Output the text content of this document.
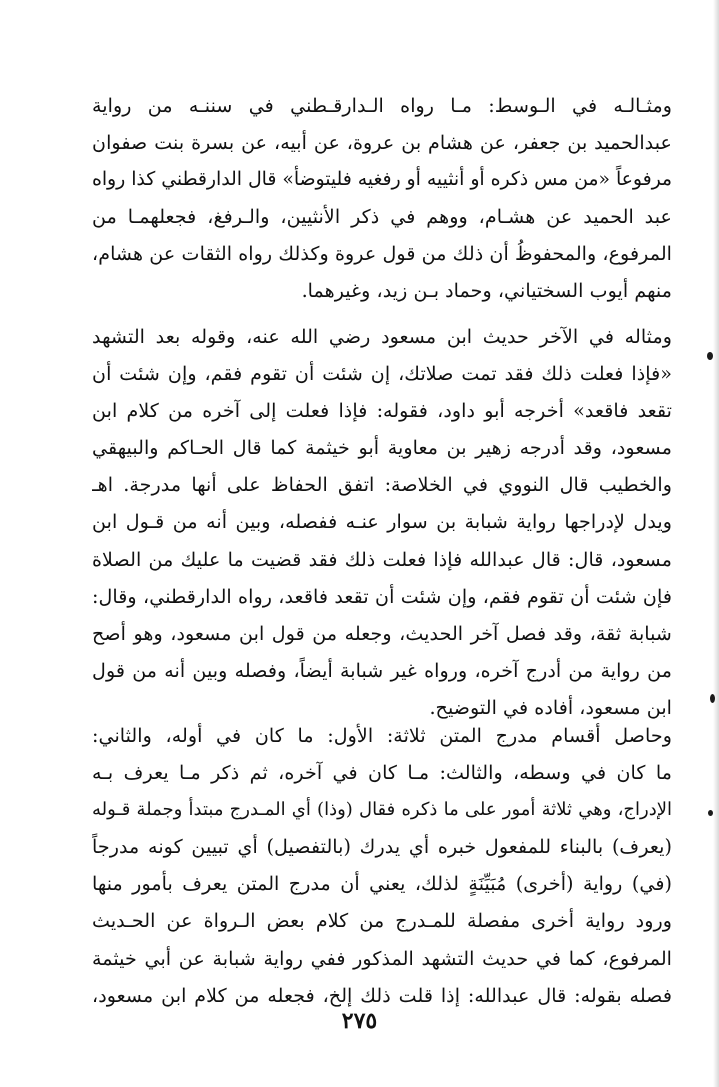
ومثـالـه في الـوسط: مـا رواه الـدارقـطني في سننـه من رواية
عبدالحميد بن جعفر، عن هشام بن عروة، عن أبيه، عن بسرة بنت صفوان
مرفوعاً «من مس ذكره أو أنثييه أو رفغيه فليتوضأ» قال الدارقطني كذا رواه
عبد الحميد عن هشـام، ووهم في ذكر الأنثيين، والـرفغ، فجعلهمـا من
المرفوع، والمحفوظُ أن ذلك من قول عروة وكذلك رواه الثقات عن هشام،
منهم أيوب السختياني، وحماد بـن زيد، وغيرهما.
ومثاله في الآخر حديث ابن مسعود رضي الله عنه، وقوله بعد التشهد
«فإذا فعلت ذلك فقد تمت صلاتك، إن شئت أن تقوم فقم، وإن شئت أن
تقعد فاقعد» أخرجه أبو داود، فقوله: فإذا فعلت إلى آخره من كلام ابن
مسعود، وقد أدرجه زهير بن معاوية أبو خيثمة كما قال الحـاكم والبيهقي
والخطيب قال النووي في الخلاصة: اتفق الحفاظ على أنها مدرجة. اهـ
ويدل لإدراجها رواية شبابة بن سوار عنـه ففصله، وبين أنه من قـول ابن
مسعود، قال: قال عبدالله فإذا فعلت ذلك فقد قضيت ما عليك من الصلاة
فإن شئت أن تقوم فقم، وإن شئت أن تقعد فاقعد، رواه الدارقطني، وقال:
شبابة ثقة، وقد فصل آخر الحديث، وجعله من قول ابن مسعود، وهو أصح
من رواية من أدرج آخره، ورواه غير شبابة أيضاً، وفصله وبين أنه من قول
ابن مسعود، أفاده في التوضيح.
وحاصل أقسام مدرج المتن ثلاثة: الأول: ما كان في أوله، والثاني:
ما كان في وسطه، والثالث: مـا كان في آخره، ثم ذكر مـا يعرف بـه
الإدراج، وهي ثلاثة أمور على ما ذكره فقال (وذا) أي المـدرج مبتدأ وجملة قـوله
(يعرف) بالبناء للمفعول خبره أي يدرك (بالتفصيل) أي تبيين كونه مدرجاً
(في) رواية (أخرى) مُبَيِّنَةٍ لذلك، يعني أن مدرج المتن يعرف بأمور منها
ورود رواية أخرى مفصلة للمـدرج من كلام بعض الـرواة عن الحـديث
المرفوع، كما في حديث التشهد المذكور ففي رواية شبابة عن أبي خيثمة
فصله بقوله: قال عبدالله: إذا قلت ذلك إلخ، فجعله من كلام ابن مسعود،
٢٧٥
